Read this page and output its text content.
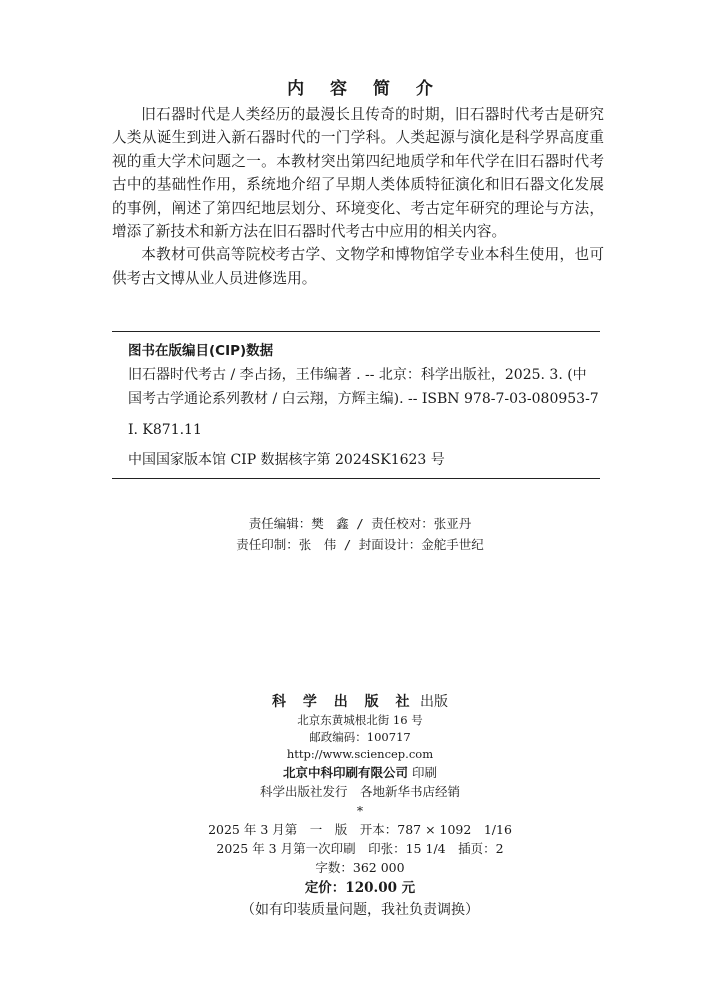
内 容 简 介

旧石器时代是人类经历的最漫长且传奇的时期，旧石器时代考古是研究人类从诞生到进入新石器时代的一门学科。人类起源与演化是科学界高度重视的重大学术问题之一。本教材突出第四纪地质学和年代学在旧石器时代考古中的基础性作用，系统地介绍了早期人类体质特征演化和旧石器文化发展的事例，阐述了第四纪地层划分、环境变化、考古定年研究的理论与方法，增添了新技术和新方法在旧石器时代考古中应用的相关内容。

本教材可供高等院校考古学、文物学和博物馆学专业本科生使用，也可供考古文博从业人员进修选用。

图书在版编目(CIP)数据
旧石器时代考古 / 李占扬，王伟编著 . -- 北京：科学出版社，2025. 3. (中国考古学通论系列教材 / 白云翔，方辉主编). -- ISBN 978-7-03-080953-7
Ⅰ. K871.11
中国国家版本馆 CIP 数据核字第 2024SK1623 号
责任编辑：樊　鑫 / 责任校对：张亚丹
责任印制：张　伟 / 封面设计：金舵手世纪
科 学 出 版 社 出版
北京东黄城根北街 16 号
邮政编码：100717
http://www.sciencep.com
北京中科印刷有限公司 印刷
科学出版社发行　各地新华书店经销
*
2025 年 3 月第　一　版　开本：787 × 1092　1/16
2025 年 3 月第一次印刷　印张：15 1/4　插页：2
字数：362 000
定价：120.00 元
（如有印装质量问题，我社负责调换）
